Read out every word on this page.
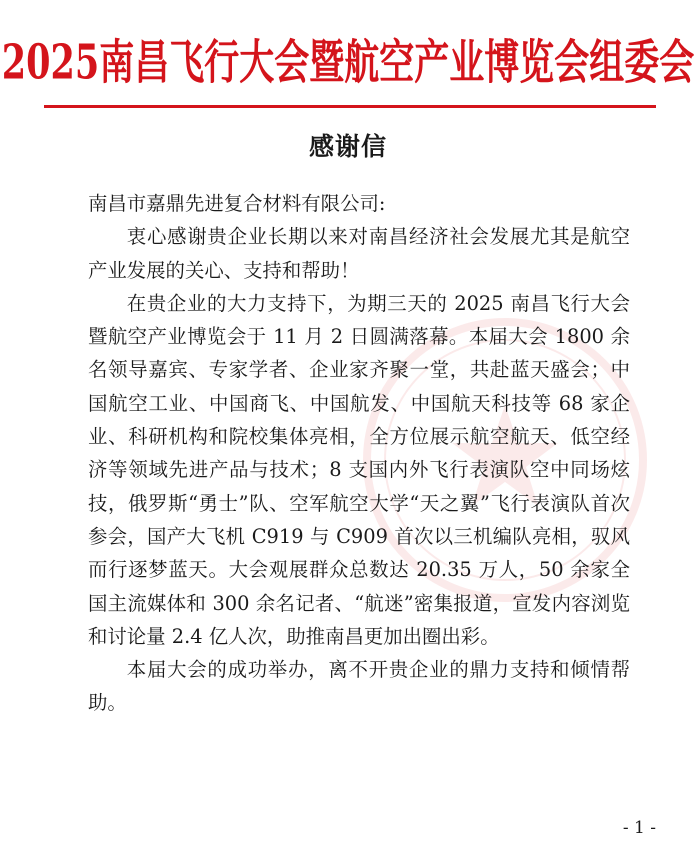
2025南昌飞行大会暨航空产业博览会组委会
感谢信

南昌市嘉鼎先进复合材料有限公司:

衷心感谢贵企业长期以来对南昌经济社会发展尤其是航空产业发展的关心、支持和帮助！

在贵企业的大力支持下，为期三天的 2025 南昌飞行大会暨航空产业博览会于 11 月 2 日圆满落幕。本届大会 1800 余名领导嘉宾、专家学者、企业家齐聚一堂，共赴蓝天盛会；中国航空工业、中国商飞、中国航发、中国航天科技等 68 家企业、科研机构和院校集体亮相，全方位展示航空航天、低空经济等领域先进产品与技术；8 支国内外飞行表演队空中同场炫技，俄罗斯“勇士”队、空军航空大学“天之翼”飞行表演队首次参会，国产大飞机 C919 与 C909 首次以三机编队亮相，驭风而行逐梦蓝天。大会观展群众总数达 20.35 万人，50 余家全国主流媒体和 300 余名记者、“航迷”密集报道，宣发内容浏览和讨论量 2.4 亿人次，助推南昌更加出圈出彩。

本届大会的成功举办，离不开贵企业的鼎力支持和倾情帮助。

- 1 -
